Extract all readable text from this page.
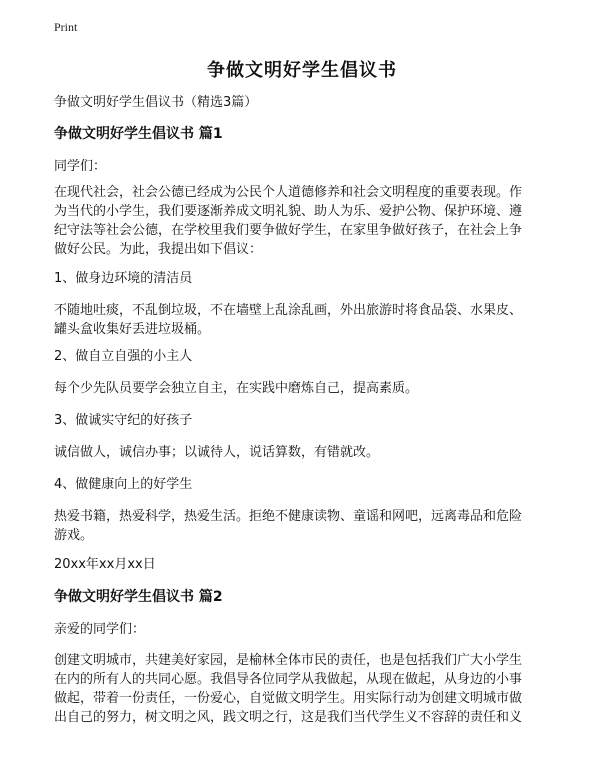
Print
争做文明好学生倡议书
争做文明好学生倡议书（精选3篇）
争做文明好学生倡议书 篇1
同学们：
在现代社会，社会公德已经成为公民个人道德修养和社会文明程度的重要表现。作
为当代的小学生，我们要逐渐养成文明礼貌、助人为乐、爱护公物、保护环境、遵
纪守法等社会公德，在学校里我们要争做好学生，在家里争做好孩子，在社会上争
做好公民。为此，我提出如下倡议：
1、做身边环境的清洁员
不随地吐痰，不乱倒垃圾，不在墙壁上乱涂乱画，外出旅游时将食品袋、水果皮、
罐头盒收集好丢进垃圾桶。
2、做自立自强的小主人
每个少先队员要学会独立自主，在实践中磨炼自己，提高素质。
3、做诚实守纪的好孩子
诚信做人，诚信办事；以诚待人，说话算数，有错就改。
4、做健康向上的好学生
热爱书籍，热爱科学，热爱生活。拒绝不健康读物、童谣和网吧，远离毒品和危险
游戏。
20xx年xx月xx日
争做文明好学生倡议书 篇2
亲爱的同学们：
创建文明城市，共建美好家园，是榆林全体市民的责任，也是包括我们广大小学生
在内的所有人的共同心愿。我倡导各位同学从我做起，从现在做起，从身边的小事
做起，带着一份责任，一份爱心，自觉做文明学生。用实际行动为创建文明城市做
出自己的努力，树文明之风，践文明之行，这是我们当代学生义不容辞的责任和义
